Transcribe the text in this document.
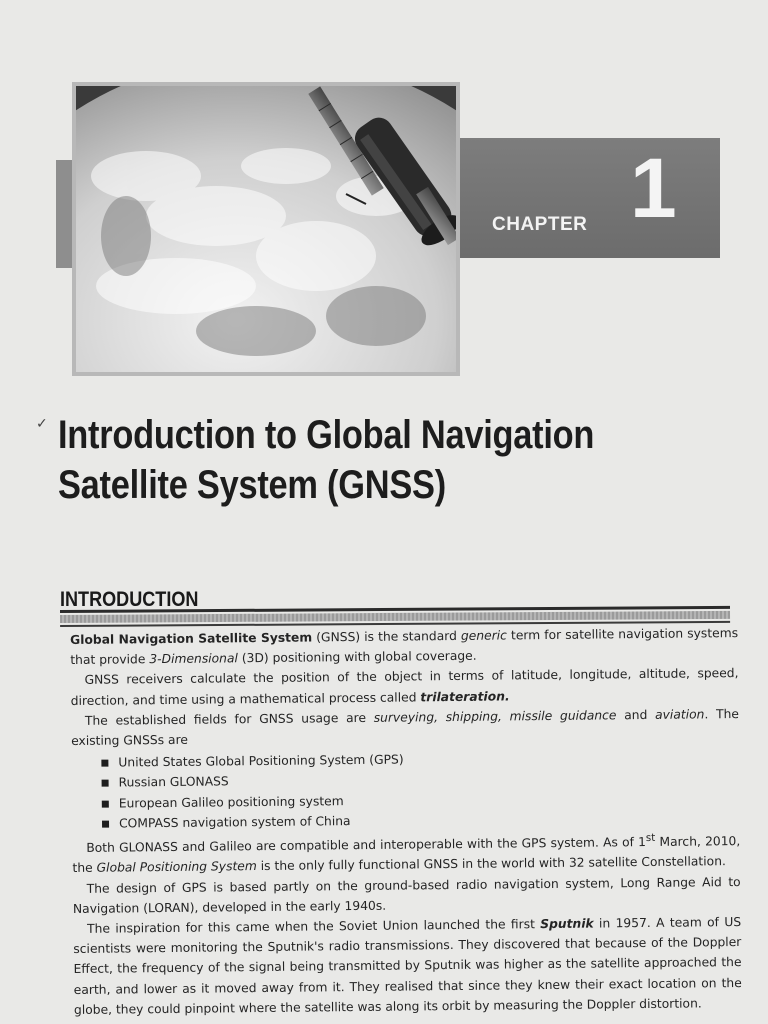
CHAPTER 1
✓ Introduction to Global Navigation
Satellite System (GNSS)
INTRODUCTION

Global Navigation Satellite System (GNSS) is the standard generic term for satellite navigation systems that provide 3-Dimensional (3D) positioning with global coverage.

GNSS receivers calculate the position of the object in terms of latitude, longitude, altitude, speed, direction, and time using a mathematical process called trilateration.

The established fields for GNSS usage are surveying, shipping, missile guidance and aviation. The existing GNSSs are

United States Global Positioning System (GPS)
Russian GLONASS
European Galileo positioning system
COMPASS navigation system of China

Both GLONASS and Galileo are compatible and interoperable with the GPS system. As of 1st March, 2010, the Global Positioning System is the only fully functional GNSS in the world with 32 satellite Constellation.

The design of GPS is based partly on the ground-based radio navigation system, Long Range Aid to Navigation (LORAN), developed in the early 1940s.

The inspiration for this came when the Soviet Union launched the first Sputnik in 1957. A team of US scientists were monitoring the Sputnik's radio transmissions. They discovered that because of the Doppler Effect, the frequency of the signal being transmitted by Sputnik was higher as the satellite approached the earth, and lower as it moved away from it. They realised that since they knew their exact location on the globe, they could pinpoint where the satellite was along its orbit by measuring the Doppler distortion.
